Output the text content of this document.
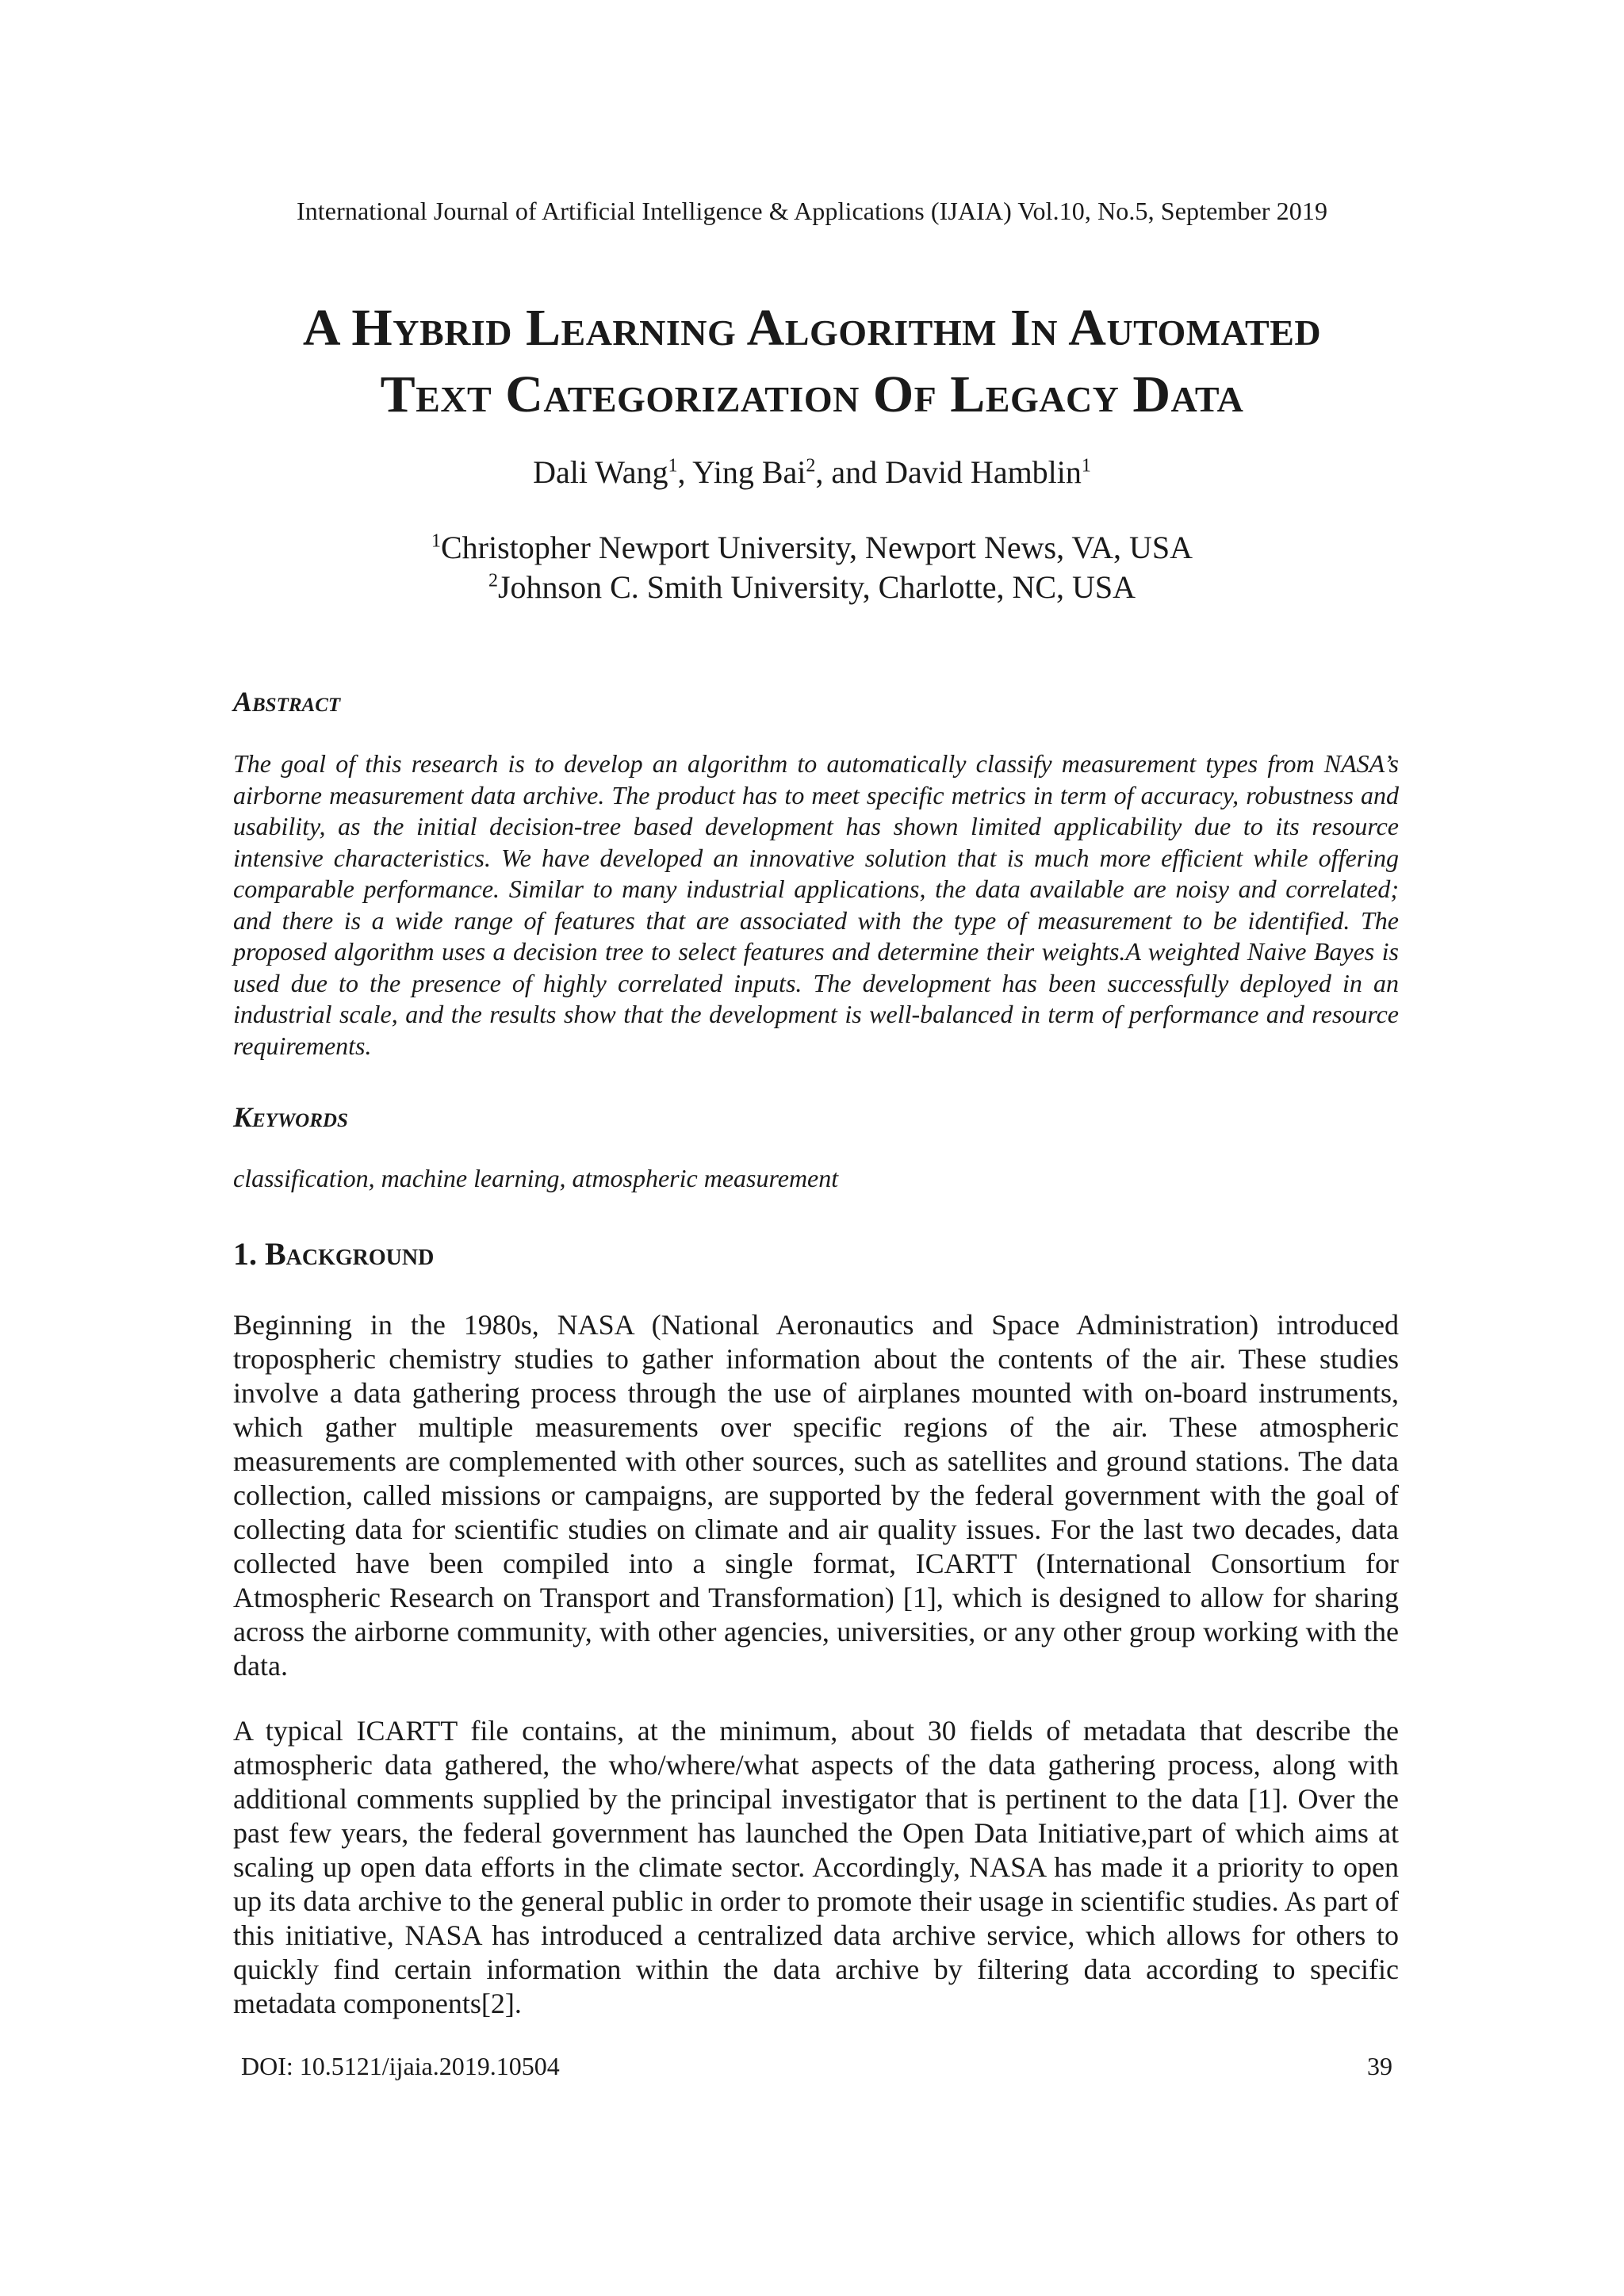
International Journal of Artificial Intelligence & Applications (IJAIA) Vol.10, No.5, September 2019
A Hybrid Learning Algorithm In Automated
Text Categorization Of Legacy Data
Dali Wang$^1$, Ying Bai$^2$, and David Hamblin$^1$
$^1$Christopher Newport University, Newport News, VA, USA
$^2$Johnson C. Smith University, Charlotte, NC, USA
Abstract

The goal of this research is to develop an algorithm to automatically classify measurement types from NASA’s airborne measurement data archive. The product has to meet specific metrics in term of accuracy, robustness and usability, as the initial decision-tree based development has shown limited applicability due to its resource intensive characteristics. We have developed an innovative solution that is much more efficient while offering comparable performance. Similar to many industrial applications, the data available are noisy and correlated; and there is a wide range of features that are associated with the type of measurement to be identified. The proposed algorithm uses a decision tree to select features and determine their weights.A weighted Naive Bayes is used due to the presence of highly correlated inputs. The development has been successfully deployed in an industrial scale, and the results show that the development is well-balanced in term of performance and resource requirements.

Keywords

classification, machine learning, atmospheric measurement

1. Background

Beginning in the 1980s, NASA (National Aeronautics and Space Administration) introduced tropospheric chemistry studies to gather information about the contents of the air. These studies involve a data gathering process through the use of airplanes mounted with on-board instruments, which gather multiple measurements over specific regions of the air. These atmospheric measurements are complemented with other sources, such as satellites and ground stations. The data collection, called missions or campaigns, are supported by the federal government with the goal of collecting data for scientific studies on climate and air quality issues. For the last two decades, data collected have been compiled into a single format, ICARTT (International Consortium for Atmospheric Research on Transport and Transformation) [1], which is designed to allow for sharing across the airborne community, with other agencies, universities, or any other group working with the data.

A typical ICARTT file contains, at the minimum, about 30 fields of metadata that describe the atmospheric data gathered, the who/where/what aspects of the data gathering process, along with additional comments supplied by the principal investigator that is pertinent to the data [1]. Over the past few years, the federal government has launched the Open Data Initiative,part of which aims at scaling up open data efforts in the climate sector. Accordingly, NASA has made it a priority to open up its data archive to the general public in order to promote their usage in scientific studies. As part of this initiative, NASA has introduced a centralized data archive service, which allows for others to quickly find certain information within the data archive by filtering data according to specific metadata components[2].

DOI: 10.5121/ijaia.2019.10504	39
